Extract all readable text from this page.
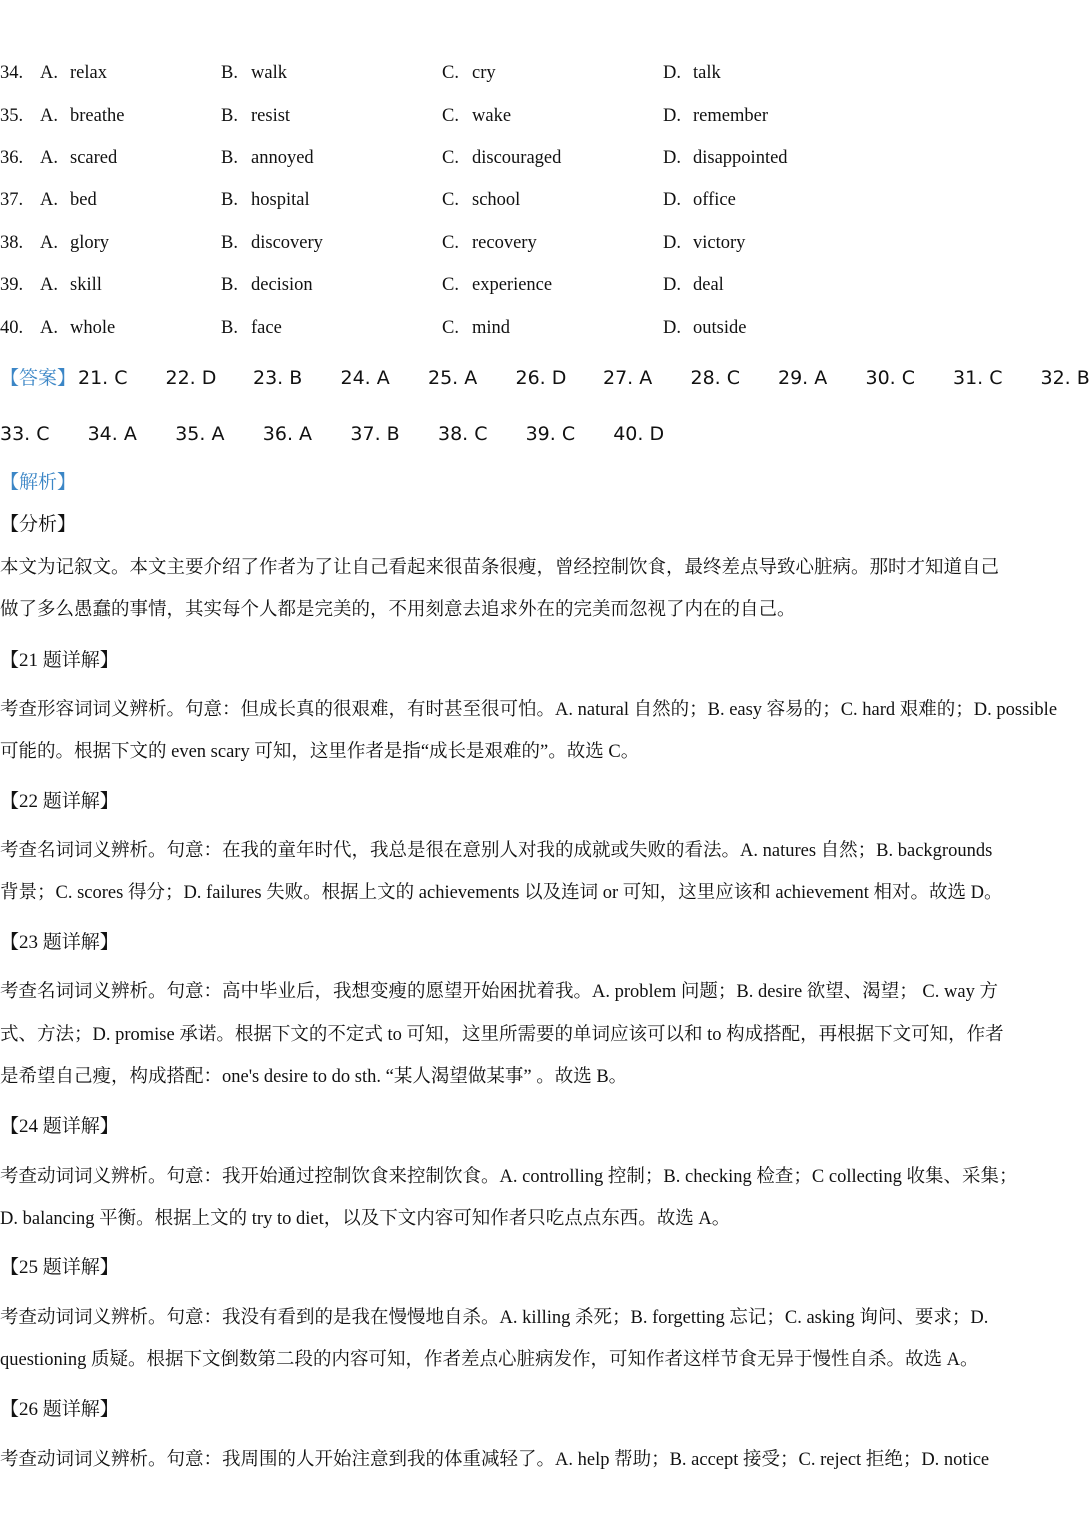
34. A. relax	B. walk	C. cry	D. talk
35. A. breathe	B. resist	C. wake	D. remember
36. A. scared	B. annoyed	C. discouraged	D. disappointed
37. A. bed	B. hospital	C. school	D. office
38. A. glory	B. discovery	C. recovery	D. victory
39. A. skill	B. decision	C. experience	D. deal
40. A. whole	B. face	C. mind	D. outside
【答案】 21. C 22. D 23. B 24. A 25. A 26. D 27. A 28. C 29. A 30. C 31. C 32. B
33. C 34. A 35. A 36. A 37. B 38. C 39. C 40. D
【解析】
【分析】
本文为记叙文。本文主要介绍了作者为了让自己看起来很苗条很瘦，曾经控制饮食，最终差点导致心脏病。那时才知道自己
做了多么愚蠢的事情，其实每个人都是完美的，不用刻意去追求外在的完美而忽视了内在的自己。
【21 题详解】
考查形容词词义辨析。句意：但成长真的很艰难，有时甚至很可怕。A. natural 自然的；B. easy 容易的；C. hard 艰难的；D. possible
可能的。根据下文的 even scary 可知，这里作者是指“成长是艰难的”。故选 C。
【22 题详解】
考查名词词义辨析。句意：在我的童年时代，我总是很在意别人对我的成就或失败的看法。A. natures 自然；B. backgrounds
背景；C. scores 得分；D. failures 失败。根据上文的 achievements 以及连词 or 可知，这里应该和 achievement 相对。故选 D。
【23 题详解】
考查名词词义辨析。句意：高中毕业后，我想变瘦的愿望开始困扰着我。A. problem 问题；B. desire 欲望、渴望； C. way 方
式、方法；D. promise 承诺。根据下文的不定式 to 可知，这里所需要的单词应该可以和 to 构成搭配，再根据下文可知，作者
是希望自己瘦，构成搭配：one's desire to do sth. “某人渴望做某事” 。故选 B。
【24 题详解】
考查动词词义辨析。句意：我开始通过控制饮食来控制饮食。A. controlling 控制；B. checking 检查；C collecting 收集、采集；
D. balancing 平衡。根据上文的 try to diet，以及下文内容可知作者只吃点点东西。故选 A。
【25 题详解】
考查动词词义辨析。句意：我没有看到的是我在慢慢地自杀。A. killing 杀死；B. forgetting 忘记；C. asking 询问、要求；D.
questioning 质疑。根据下文倒数第二段的内容可知，作者差点心脏病发作，可知作者这样节食无异于慢性自杀。故选 A。
【26 题详解】
考查动词词义辨析。句意：我周围的人开始注意到我的体重减轻了。A. help 帮助；B. accept 接受；C. reject 拒绝；D. notice
